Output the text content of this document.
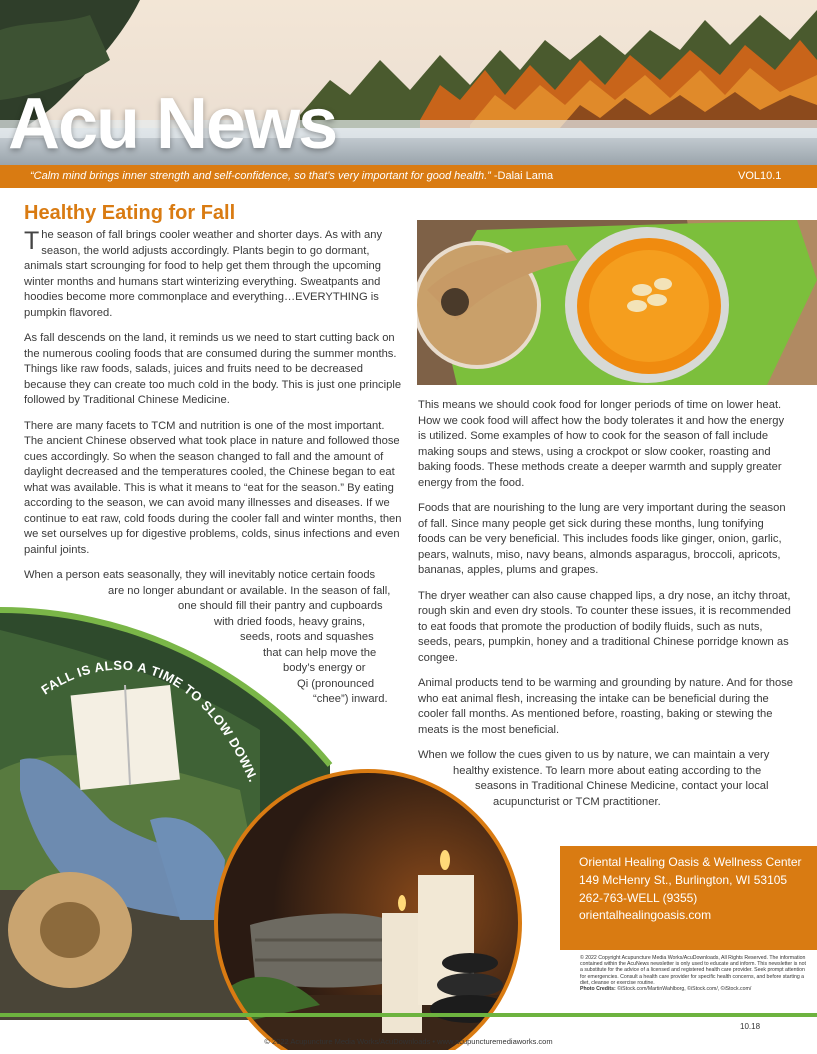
Acu News
“Calm mind brings inner strength and self-confidence, so that’s very important for good health.” -Dalai Lama	VOL10.1
Healthy Eating for Fall

The season of fall brings cooler weather and shorter days. As with any season, the world adjusts accordingly. Plants begin to go dormant, animals start scrounging for food to help get them through the upcoming winter months and humans start winterizing everything. Sweatpants and hoodies become more commonplace and everything…EVERYTHING is pumpkin flavored.

As fall descends on the land, it reminds us we need to start cutting back on the numerous cooling foods that are consumed during the summer months. Things like raw foods, salads, juices and fruits need to be decreased because they can create too much cold in the body. This is just one principle followed by Traditional Chinese Medicine.

There are many facets to TCM and nutrition is one of the most important. The ancient Chinese observed what took place in nature and followed those cues accordingly. So when the season changed to fall and the amount of daylight decreased and the temperatures cooled, the Chinese began to eat what was available. This is what it means to “eat for the season.” By eating according to the season, we can avoid many illnesses and diseases. If we continue to eat raw, cold foods during the cooler fall and winter months, then we set ourselves up for digestive problems, colds, sinus infections and even painful joints.

When a person eats seasonally, they will inevitably notice certain foods
are no longer abundant or available. In the season of fall,
one should fill their pantry and cupboards
with dried foods, heavy grains,
seeds, roots and squashes
that can help move the
body’s energy or
Qi (pronounced
“chee”) inward.

This means we should cook food for longer periods of time on lower heat. How we cook food will affect how the body tolerates it and how the energy is utilized. Some examples of how to cook for the season of fall include making soups and stews, using a crockpot or slow cooker, roasting and baking foods. These methods create a deeper warmth and supply greater energy from the food.

Foods that are nourishing to the lung are very important during the season of fall. Since many people get sick during these months, lung tonifying foods can be very beneficial. This includes foods like ginger, onion, garlic, pears, walnuts, miso, navy beans, almonds asparagus, broccoli, apricots, bananas, apples, plums and grapes.

The dryer weather can also cause chapped lips, a dry nose, an itchy throat, rough skin and even dry stools. To counter these issues, it is recommended to eat foods that promote the production of bodily fluids, such as nuts, seeds, pears, pumpkin, honey and a traditional Chinese porridge known as congee.

Animal products tend to be warming and grounding by nature. And for those who eat animal flesh, increasing the intake can be beneficial during the cooler fall months. As mentioned before, roasting, baking or stewing the meats is the most beneficial.

When we follow the cues given to us by nature, we can maintain a very
healthy existence. To learn more about eating according to the
seasons in Traditional Chinese Medicine, contact your local
acupuncturist or TCM practitioner.
FALL IS ALSO A TIME TO SLOW DOWN.
Oriental Healing Oasis & Wellness Center
149 McHenry St., Burlington, WI 53105
262-763-WELL (9355)
orientalhealingoasis.com
© 2022 Copyright Acupuncture Media Works/AcuDownloads, All Rights Reserved. The information contained within the AcuNews newsletter is only used to educate and inform. This newsletter is not a substitute for the advice of a licensed and registered health care provider. Seek prompt attention for emergencies. Consult a health care provider for specific health concerns, and before starting a diet, cleanse or exercise routine.
Photo Credits: ©iStock.com/MartinWahlborg, ©iStock.com/, ©iStock.com/
10.18
© 2022 Acupuncture Media Works/AcuDownloads • www.acupuncturemediaworks.com
